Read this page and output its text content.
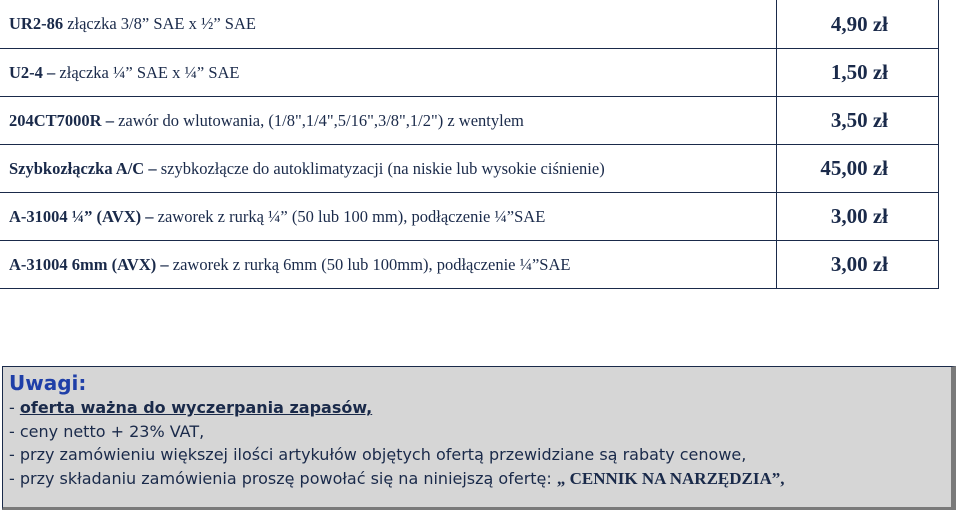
UR2-86 złączka 3/8” SAE x ½” SAE	4,90 zł
U2-4 – złączka ¼” SAE x ¼” SAE	1,50 zł
204CT7000R – zawór do wlutowania, (1/8",1/4",5/16",3/8",1/2") z wentylem	3,50 zł
Szybkozłączka A/C – szybkozłącze do autoklimatyzacji (na niskie lub wysokie ciśnienie)	45,00 zł
A-31004 ¼” (AVX) – zaworek z rurką ¼” (50 lub 100 mm), podłączenie ¼”SAE	3,00 zł
A-31004 6mm (AVX) – zaworek z rurką 6mm (50 lub 100mm), podłączenie ¼”SAE	3,00 zł
Uwagi:
- oferta ważna do wyczerpania zapasów,
- ceny netto + 23% VAT,
- przy zamówieniu większej ilości artykułów objętych ofertą przewidziane są rabaty cenowe,
- przy składaniu zamówienia proszę powołać się na niniejszą ofertę: „ CENNIK NA NARZĘDZIA”,
